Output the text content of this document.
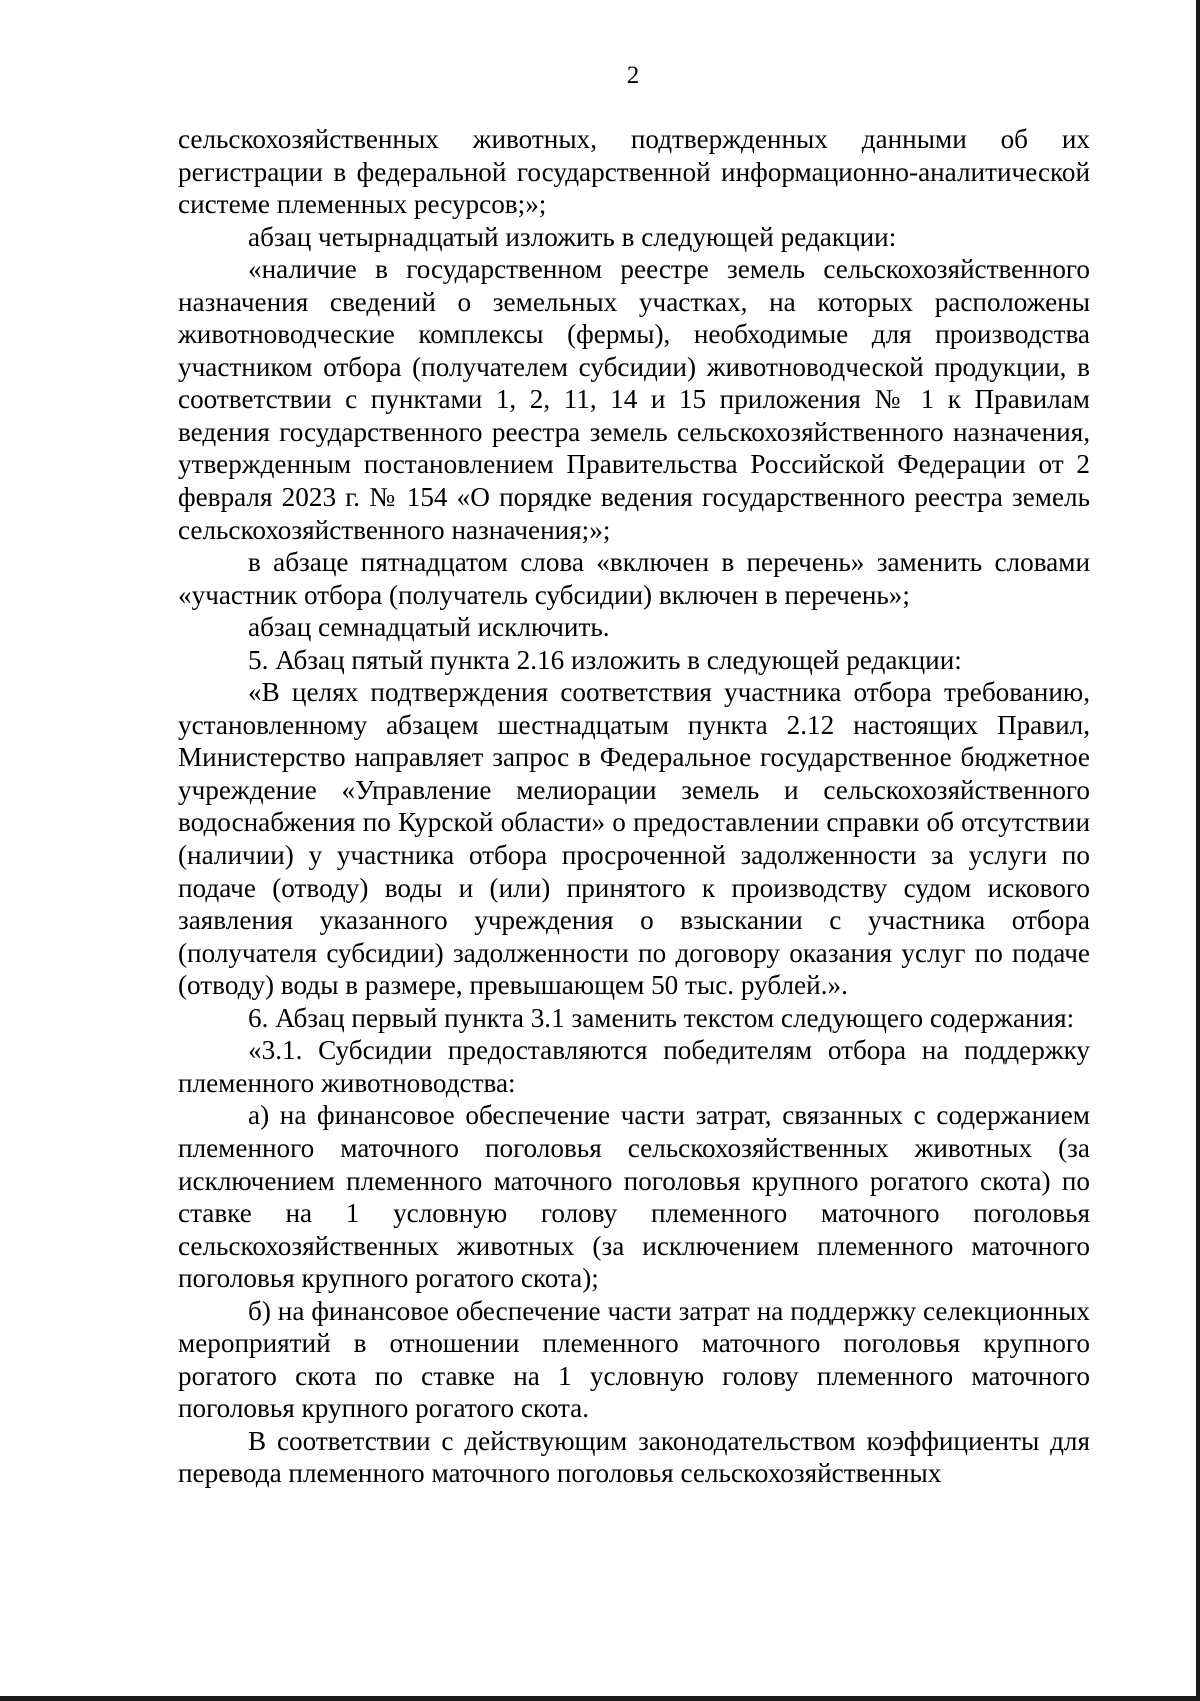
2

сельскохозяйственных животных, подтвержденных данными об их регистрации в федеральной государственной информационно-аналитической системе племенных ресурсов;»;

абзац четырнадцатый изложить в следующей редакции:

«наличие в государственном реестре земель сельскохозяйственного назначения сведений о земельных участках, на которых расположены животноводческие комплексы (фермы), необходимые для производства участником отбора (получателем субсидии) животноводческой продукции, в соответствии с пунктами 1, 2, 11, 14 и 15 приложения № 1 к Правилам ведения государственного реестра земель сельскохозяйственного назначения, утвержденным постановлением Правительства Российской Федерации от 2 февраля 2023 г. № 154 «О порядке ведения государственного реестра земель сельскохозяйственного назначения;»;

в абзаце пятнадцатом слова «включен в перечень» заменить словами «участник отбора (получатель субсидии) включен в перечень»;

абзац семнадцатый исключить.

5. Абзац пятый пункта 2.16 изложить в следующей редакции:

«В целях подтверждения соответствия участника отбора требованию, установленному абзацем шестнадцатым пункта 2.12 настоящих Правил, Министерство направляет запрос в Федеральное государственное бюджетное учреждение «Управление мелиорации земель и сельскохозяйственного водоснабжения по Курской области» о предоставлении справки об отсутствии (наличии) у участника отбора просроченной задолженности за услуги по подаче (отводу) воды и (или) принятого к производству судом искового заявления указанного учреждения о взыскании с участника отбора (получателя субсидии) задолженности по договору оказания услуг по подаче (отводу) воды в размере, превышающем 50 тыс. рублей.».

6. Абзац первый пункта 3.1 заменить текстом следующего содержания:

«3.1. Субсидии предоставляются победителям отбора на поддержку племенного животноводства:

а) на финансовое обеспечение части затрат, связанных с содержанием племенного маточного поголовья сельскохозяйственных животных (за исключением племенного маточного поголовья крупного рогатого скота) по ставке на 1 условную голову племенного маточного поголовья сельскохозяйственных животных (за исключением племенного маточного поголовья крупного рогатого скота);

б) на финансовое обеспечение части затрат на поддержку селекционных мероприятий в отношении племенного маточного поголовья крупного рогатого скота по ставке на 1 условную голову племенного маточного поголовья крупного рогатого скота.

В соответствии с действующим законодательством коэффициенты для перевода племенного маточного поголовья сельскохозяйственных
